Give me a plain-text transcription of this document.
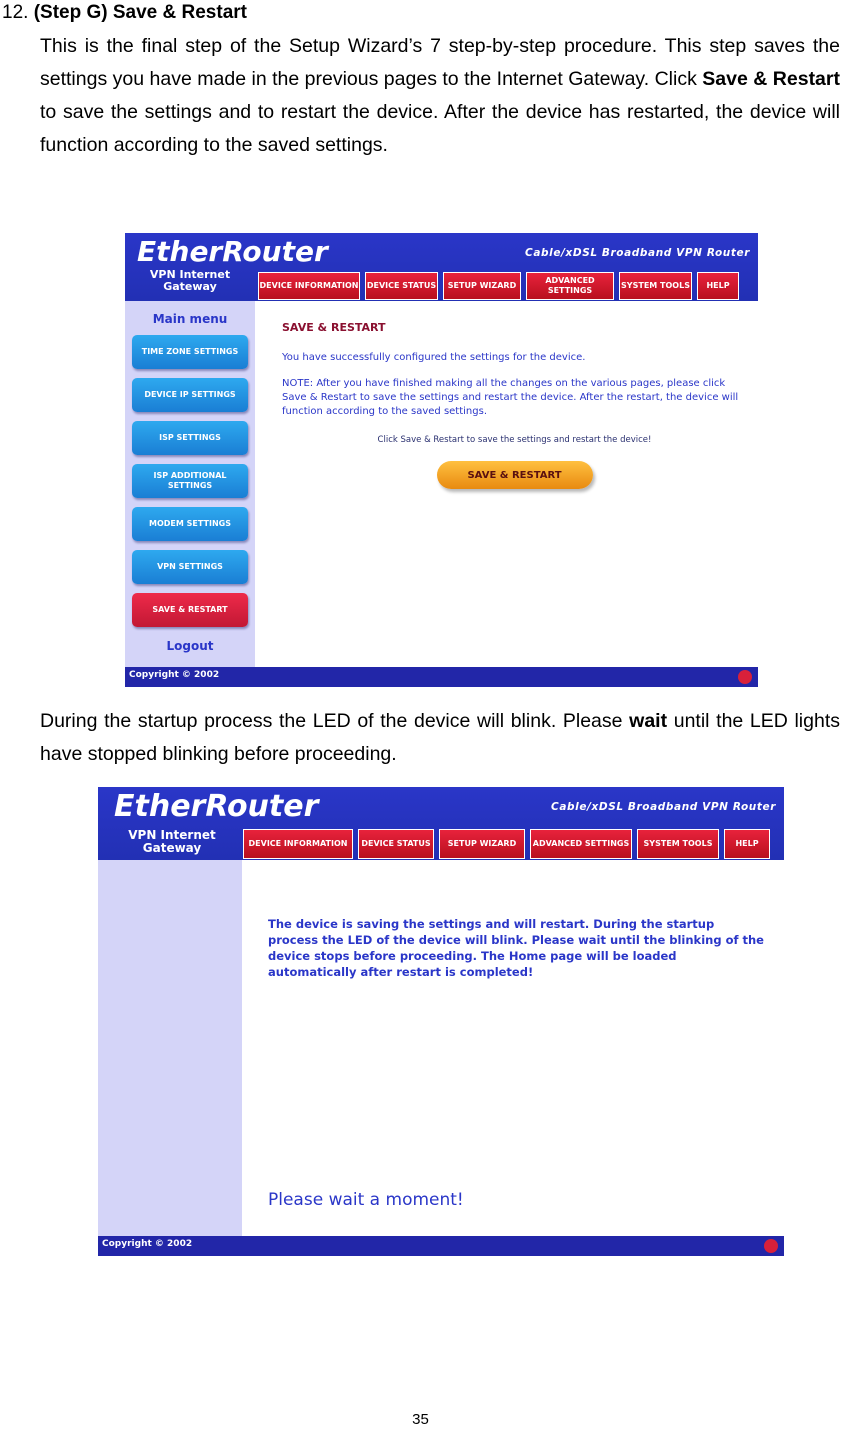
12. (Step G) Save & Restart
This is the final step of the Setup Wizard’s 7 step-by-step procedure. This step saves the settings you have made in the previous pages to the Internet Gateway. Click Save & Restart to save the settings and to restart the device. After the device has restarted, the device will function according to the saved settings.
EtherRouter	Cable/xDSL Broadband VPN Router
VPN Internet
Gateway	DEVICE INFORMATION DEVICE STATUS	SETUP WIZARD
ADVANCED SETTINGS
SYSTEM TOOLS	HELP
Main menu
TIME ZONE SETTINGS
DEVICE IP SETTINGS
ISP SETTINGS
ISP ADDITIONAL SETTINGS
MODEM SETTINGS
VPN SETTINGS
SAVE & RESTART
Logout
SAVE & RESTART
You have successfully configured the settings for the device.
NOTE: After you have finished making all the changes on the various pages, please click Save & Restart to save the settings and restart the device. After the restart, the device will function according to the saved settings.
Click Save & Restart to save the settings and restart the device!
SAVE & RESTART
Copyright © 2002
During the startup process the LED of the device will blink. Please wait until the LED lights have stopped blinking before proceeding.
EtherRouter	Cable/xDSL Broadband VPN Router
VPN Internet
Gateway	DEVICE INFORMATION	DEVICE STATUS	SETUP WIZARD	ADVANCED SETTINGS	SYSTEM TOOLS	HELP
The device is saving the settings and will restart. During the startup process the LED of the device will blink. Please wait until the blinking of the device stops before proceeding. The Home page will be loaded automatically after restart is completed!
Please wait a moment!
Copyright © 2002
35
